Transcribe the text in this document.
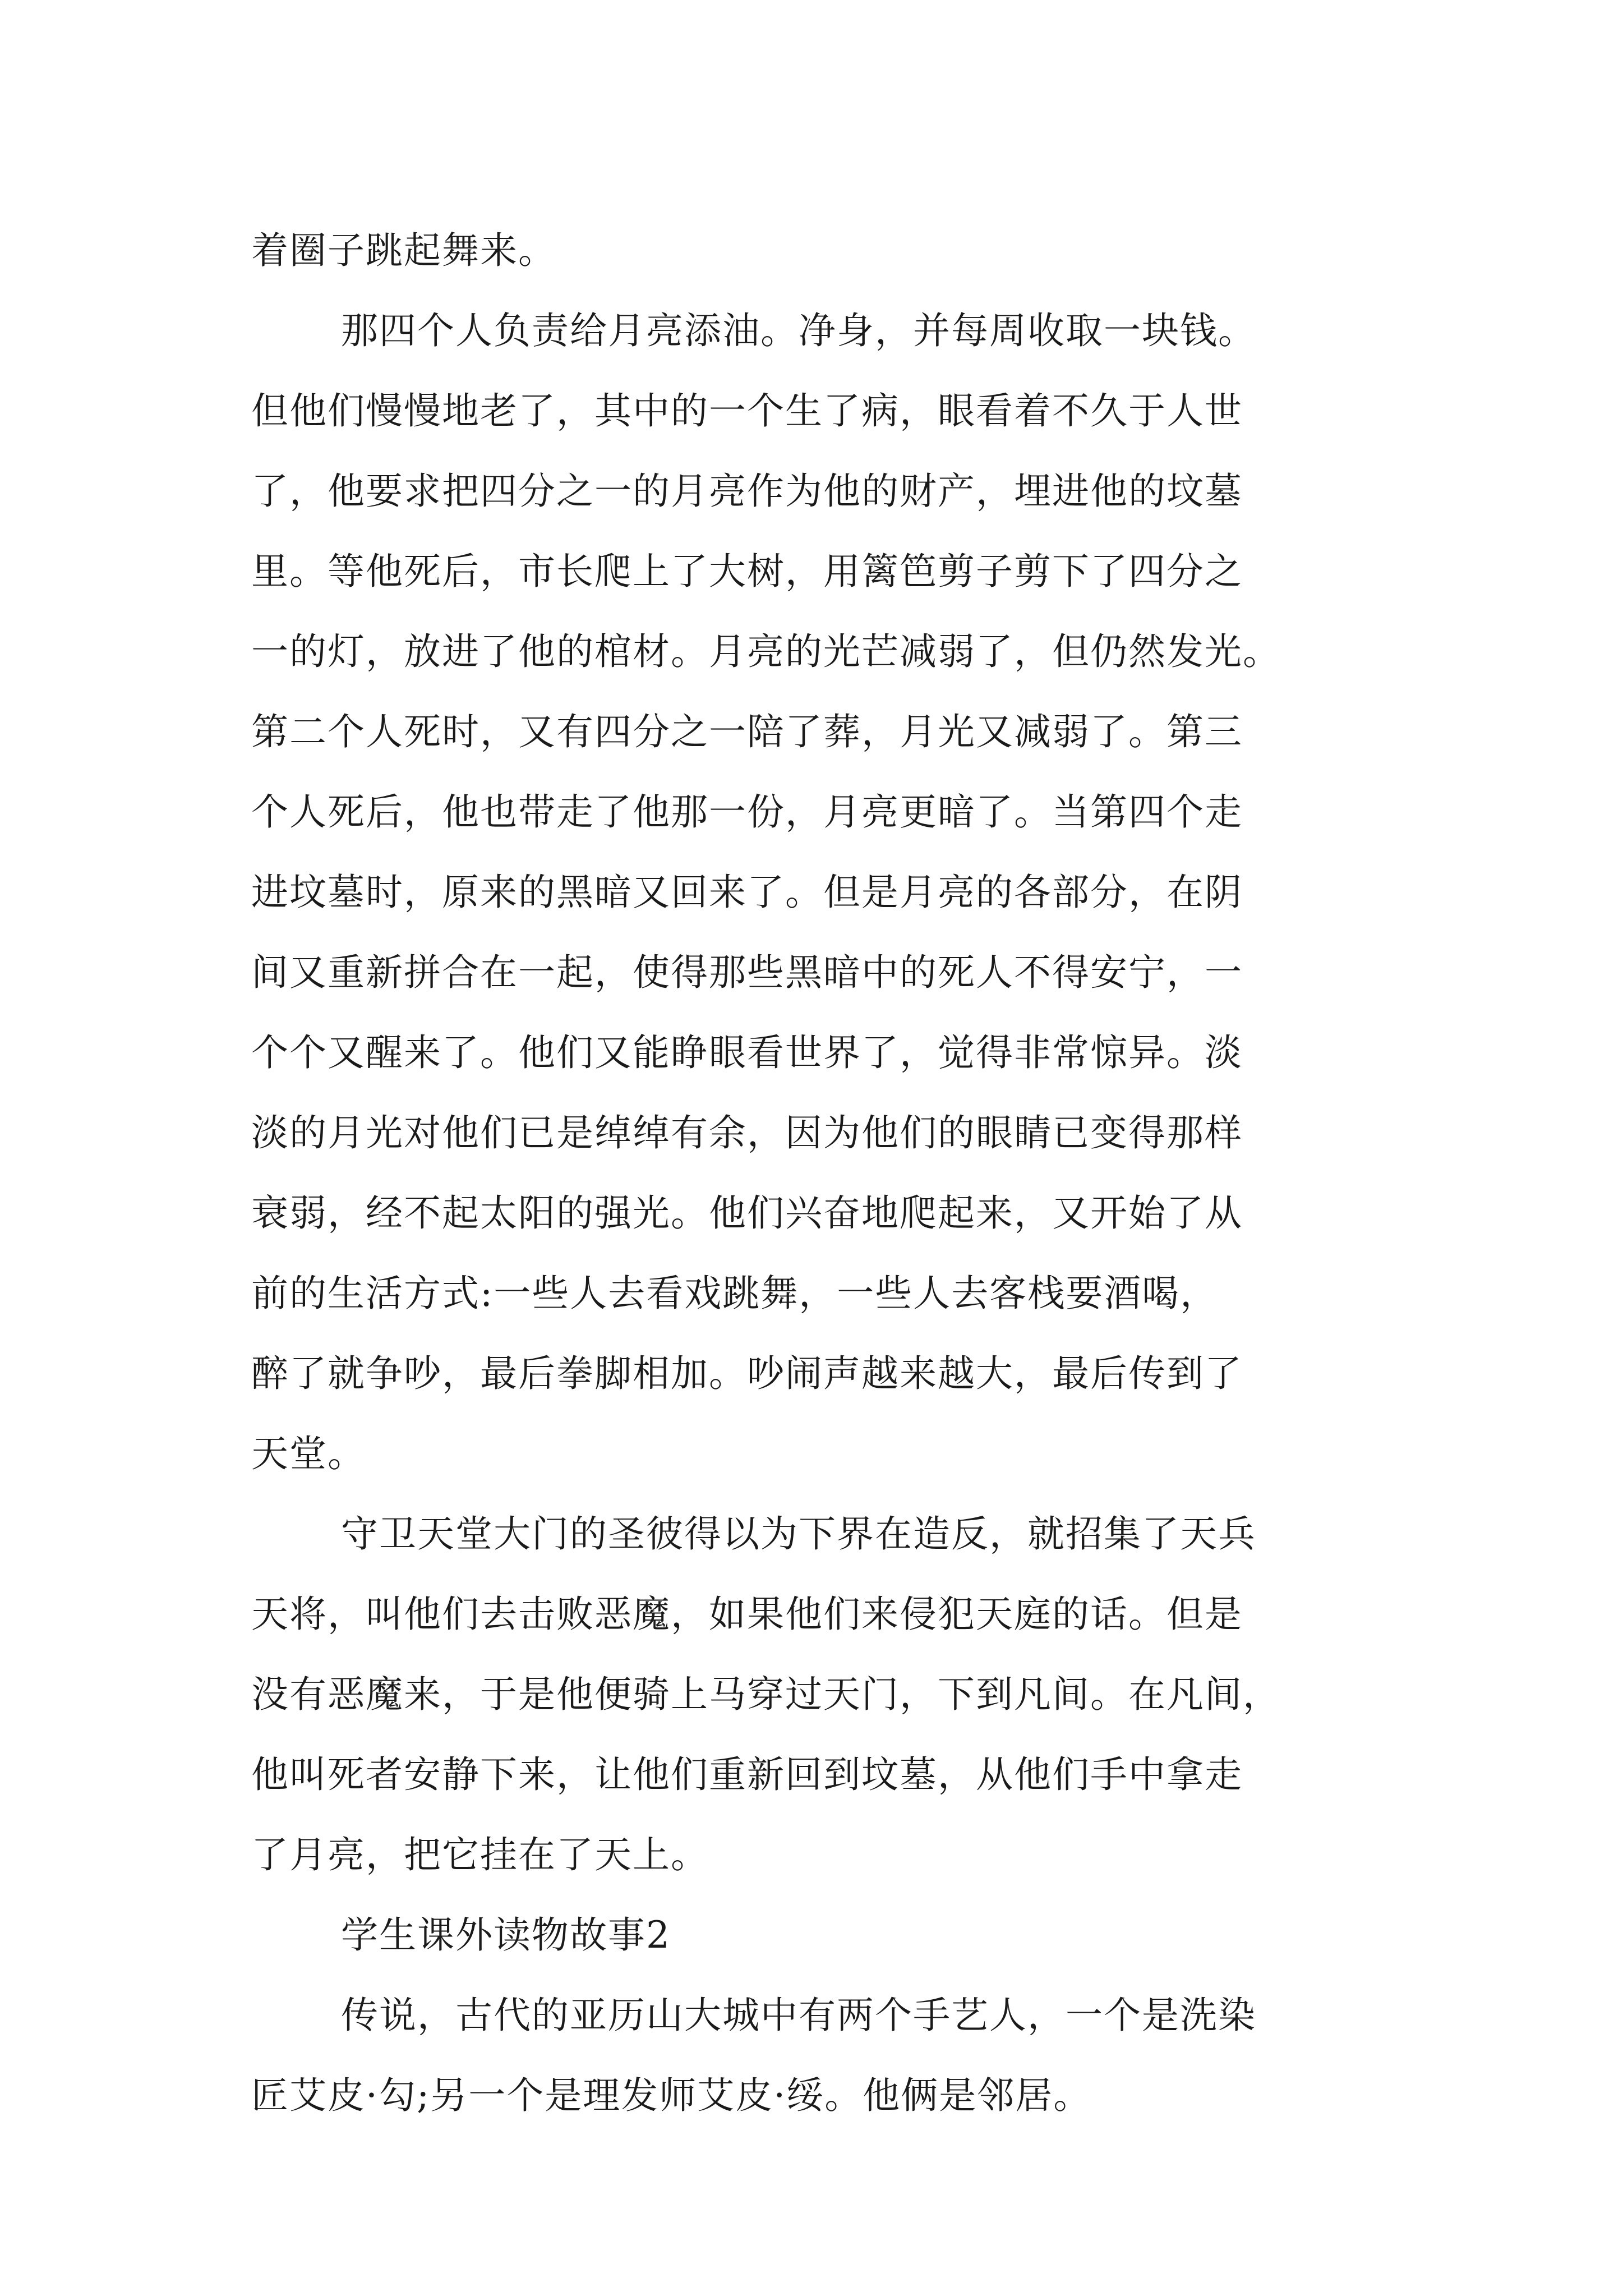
着圈子跳起舞来。
那四个人负责给月亮添油。净身，并每周收取一块钱。
但他们慢慢地老了，其中的一个生了病，眼看着不久于人世
了，他要求把四分之一的月亮作为他的财产，埋进他的坟墓
里。等他死后，市长爬上了大树，用篱笆剪子剪下了四分之
一的灯，放进了他的棺材。月亮的光芒减弱了，但仍然发光。
第二个人死时，又有四分之一陪了葬，月光又减弱了。第三
个人死后，他也带走了他那一份，月亮更暗了。当第四个走
进坟墓时，原来的黑暗又回来了。但是月亮的各部分，在阴
间又重新拼合在一起，使得那些黑暗中的死人不得安宁，一
个个又醒来了。他们又能睁眼看世界了，觉得非常惊异。淡
淡的月光对他们已是绰绰有余，因为他们的眼睛已变得那样
衰弱，经不起太阳的强光。他们兴奋地爬起来，又开始了从
前的生活方式:一些人去看戏跳舞，一些人去客栈要酒喝，
醉了就争吵，最后拳脚相加。吵闹声越来越大，最后传到了
天堂。
守卫天堂大门的圣彼得以为下界在造反，就招集了天兵
天将，叫他们去击败恶魔，如果他们来侵犯天庭的话。但是
没有恶魔来，于是他便骑上马穿过天门，下到凡间。在凡间，
他叫死者安静下来，让他们重新回到坟墓，从他们手中拿走
了月亮，把它挂在了天上。
学生课外读物故事2
传说，古代的亚历山大城中有两个手艺人，一个是洗染
匠艾皮·勾;另一个是理发师艾皮·绥。他俩是邻居。
